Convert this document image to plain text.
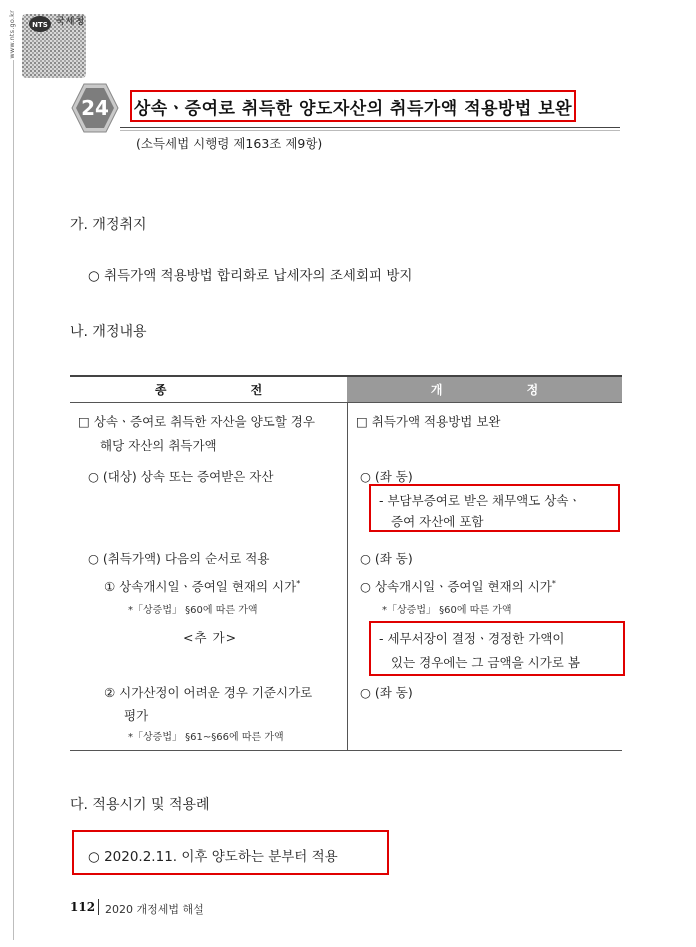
www.nts.go.kr NTS 국세청
24	상속ㆍ증여로 취득한 양도자산의 취득가액 적용방법 보완
(소득세법 시행령 제163조 제9항)
가. 개정취지
○ 취득가액 적용방법 합리화로 납세자의 조세회피 방지
나. 개정내용
종 전	개 정
□ 상속ㆍ증여로 취득한 자산을 양도할 경우
해당 자산의 취득가액
○ (대상) 상속 또는 증여받은 자산
○ (취득가액) 다음의 순서로 적용
① 상속개시일ㆍ증여일 현재의 시가*
*「상증법」 §60에 따른 가액
<추 가>
② 시가산정이 어려운 경우 기준시가로
평가
*「상증법」 §61~§66에 따른 가액
□ 취득가액 적용방법 보완
○ (좌 동)
- 부담부증여로 받은 채무액도 상속ㆍ
증여 자산에 포함
○ (좌 동)
○ 상속개시일ㆍ증여일 현재의 시가*
*「상증법」 §60에 따른 가액
- 세무서장이 결정ㆍ경정한 가액이
있는 경우에는 그 금액을 시가로 봄
○ (좌 동)
다. 적용시기 및 적용례
○ 2020.2.11. 이후 양도하는 분부터 적용
112 2020 개정세법 해설
